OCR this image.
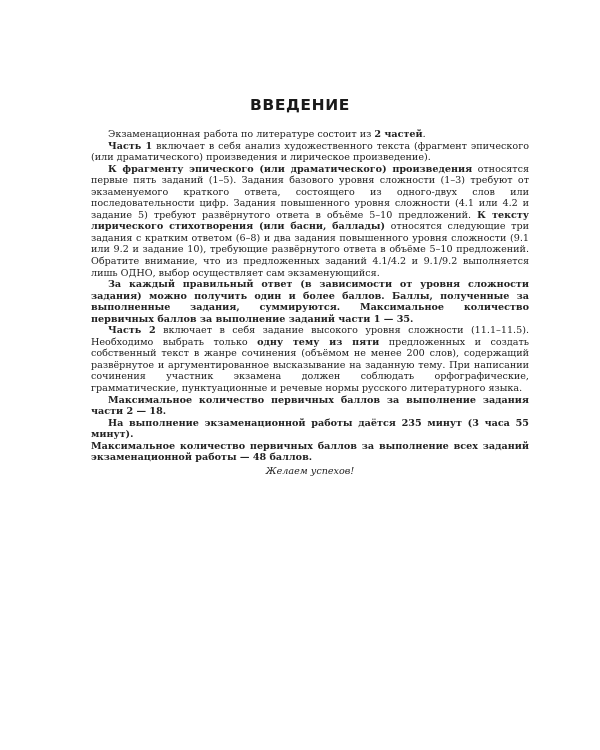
ВВЕДЕНИЕ

Экзаменационная работа по литературе состоит из 2 частей.

Часть 1 включает в себя анализ художественного текста (фрагмент эпического (или драматического) произведения и лирическое произведение).

К фрагменту эпического (или драматического) произведения относятся первые пять заданий (1–5). Задания базового уровня сложности (1–3) требуют от экзаменуемого краткого ответа, состоящего из одного-двух слов или последовательности цифр. Задания повышенного уровня сложности (4.1 или 4.2 и задание 5) требуют развёрнутого ответа в объёме 5–10 предложений. К тексту лирического стихотворения (или басни, баллады) относятся следующие три задания с кратким ответом (6–8) и два задания повышенного уровня сложности (9.1 или 9.2 и задание 10), требующие развёрнутого ответа в объёме 5–10 предложений. Обратите внимание, что из предложенных заданий 4.1/4.2 и 9.1/9.2 выполняется лишь ОДНО, выбор осуществляет сам экзаменующийся.

За каждый правильный ответ (в зависимости от уровня сложности задания) можно получить один и более баллов. Баллы, полученные за выполненные задания, суммируются. Максимальное количество первичных баллов за выполнение заданий части 1 — 35.

Часть 2 включает в себя задание высокого уровня сложности (11.1–11.5). Необходимо выбрать только одну тему из пяти предложенных и создать собственный текст в жанре сочинения (объёмом не менее 200 слов), содержащий развёрнутое и аргументированное высказывание на заданную тему. При написании сочинения участник экзамена должен соблюдать орфографические, грамматические, пунктуационные и речевые нормы русского литературного языка.

Максимальное количество первичных баллов за выполнение задания части 2 — 18.

На выполнение экзаменационной работы даётся 235 минут (3 часа 55 минут).

Максимальное количество первичных баллов за выполнение всех заданий экзаменационной работы — 48 баллов.

Желаем успехов!
